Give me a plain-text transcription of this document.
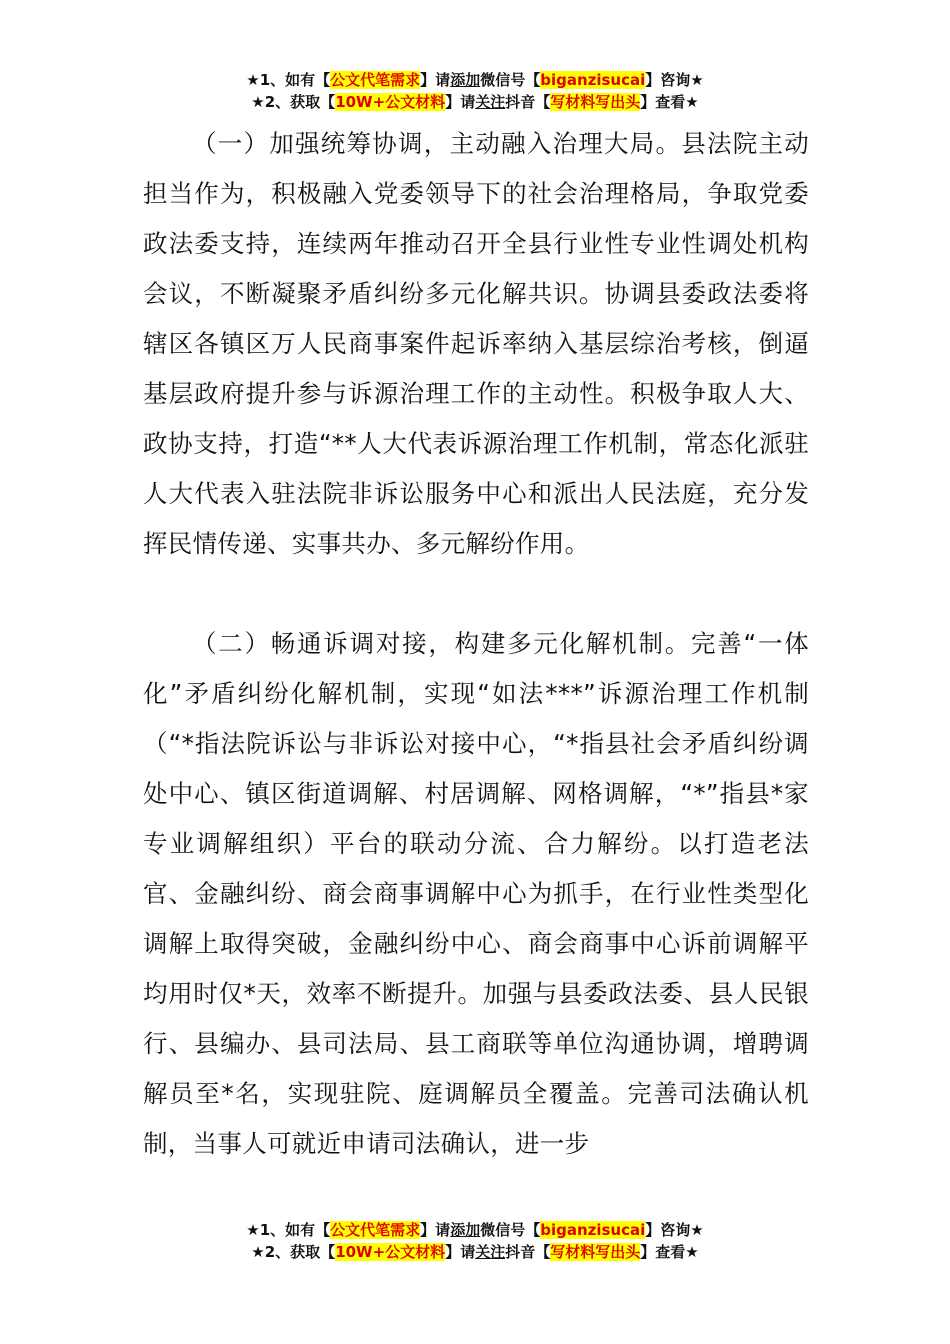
★1、如有【公文代笔需求】请添加微信号【biganzisucai】咨询★
★2、获取【10W+公文材料】请关注抖音【写材料写出头】查看★

（一）加强统筹协调，主动融入治理大局。县法院主动担当作为，积极融入党委领导下的社会治理格局，争取党委政法委支持，连续两年推动召开全县行业性专业性调处机构会议，不断凝聚矛盾纠纷多元化解共识。协调县委政法委将辖区各镇区万人民商事案件起诉率纳入基层综治考核，倒逼基层政府提升参与诉源治理工作的主动性。积极争取人大、政协支持，打造“**人大代表诉源治理工作机制，常态化派驻人大代表入驻法院非诉讼服务中心和派出人民法庭，充分发挥民情传递、实事共办、多元解纷作用。

（二）畅通诉调对接，构建多元化解机制。完善“一体化”矛盾纠纷化解机制，实现“如法***”诉源治理工作机制（“*指法院诉讼与非诉讼对接中心，“*指县社会矛盾纠纷调处中心、镇区街道调解、村居调解、网格调解，“*”指县*家专业调解组织）平台的联动分流、合力解纷。以打造老法官、金融纠纷、商会商事调解中心为抓手，在行业性类型化调解上取得突破，金融纠纷中心、商会商事中心诉前调解平均用时仅*天，效率不断提升。加强与县委政法委、县人民银行、县编办、县司法局、县工商联等单位沟通协调，增聘调解员至*名，实现驻院、庭调解员全覆盖。完善司法确认机制，当事人可就近申请司法确认，进一步

★1、如有【公文代笔需求】请添加微信号【biganzisucai】咨询★
★2、获取【10W+公文材料】请关注抖音【写材料写出头】查看★
